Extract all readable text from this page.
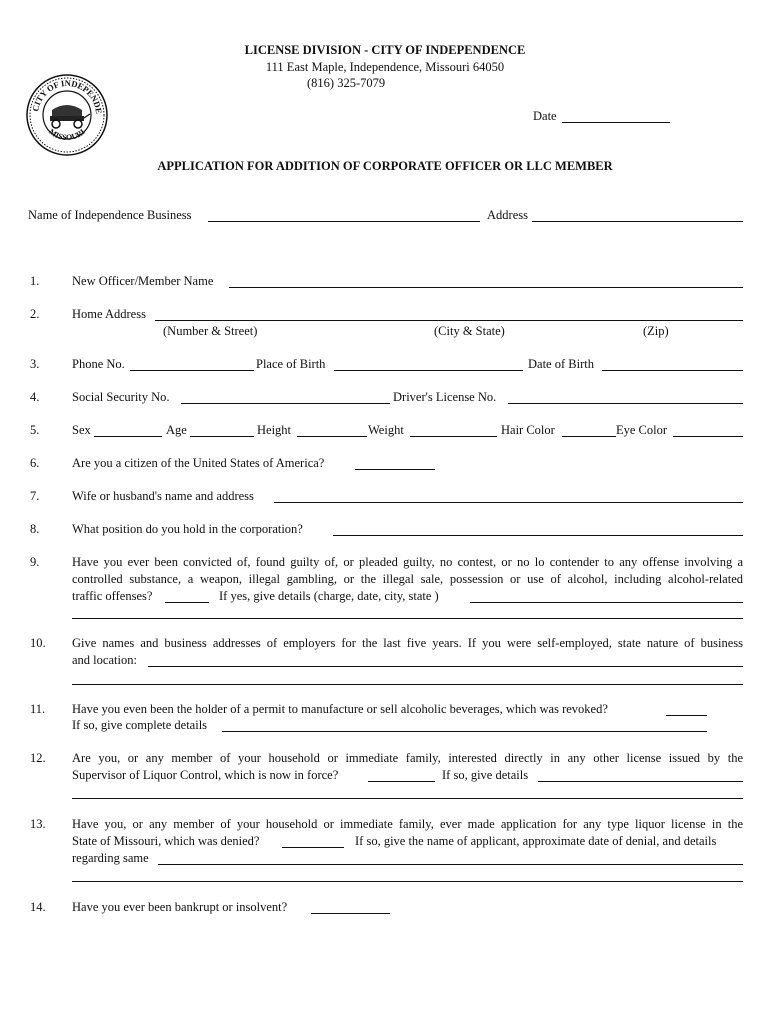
CITY OF INDEPENDE
MISSOURI
LICENSE DIVISION - CITY OF INDEPENDENCE
111 East Maple, Independence, Missouri 64050
(816) 325-7079
Date
APPLICATION FOR ADDITION OF CORPORATE OFFICER OR LLC MEMBER
Name of Independence Business	Address
1.	New Officer/Member Name
2.	Home Address
(Number & Street)	(City & State)	(Zip)
3.	Phone No.	Place of Birth	Date of Birth
4.	Social Security No.	Driver's License No.
5.	Sex	Age	Height	Weight	Hair Color	Eye Color
6.	Are you a citizen of the United States of America?
7.	Wife or husband's name and address
8.	What position do you hold in the corporation?
9.	Have you ever been convicted of, found guilty of, or pleaded guilty, no contest, or no lo contender to any offense involving a
controlled substance, a weapon, illegal gambling, or the illegal sale, possession or use of alcohol, including alcohol-related
traffic offenses?	If yes, give details (charge, date, city, state )
10. Give names and business addresses of employers for the last five years. If you were self-employed, state nature of business
and location:
11. Have you even been the holder of a permit to manufacture or sell alcoholic beverages, which was revoked?
If so, give complete details
12. Are you, or any member of your household or immediate family, interested directly in any other license issued by the
Supervisor of Liquor Control, which is now in force?	If so, give details
13. Have you, or any member of your household or immediate family, ever made application for any type liquor license in the
State of Missouri, which was denied?	If so, give the name of applicant, approximate date of denial, and details
regarding same
14. Have you ever been bankrupt or insolvent?
